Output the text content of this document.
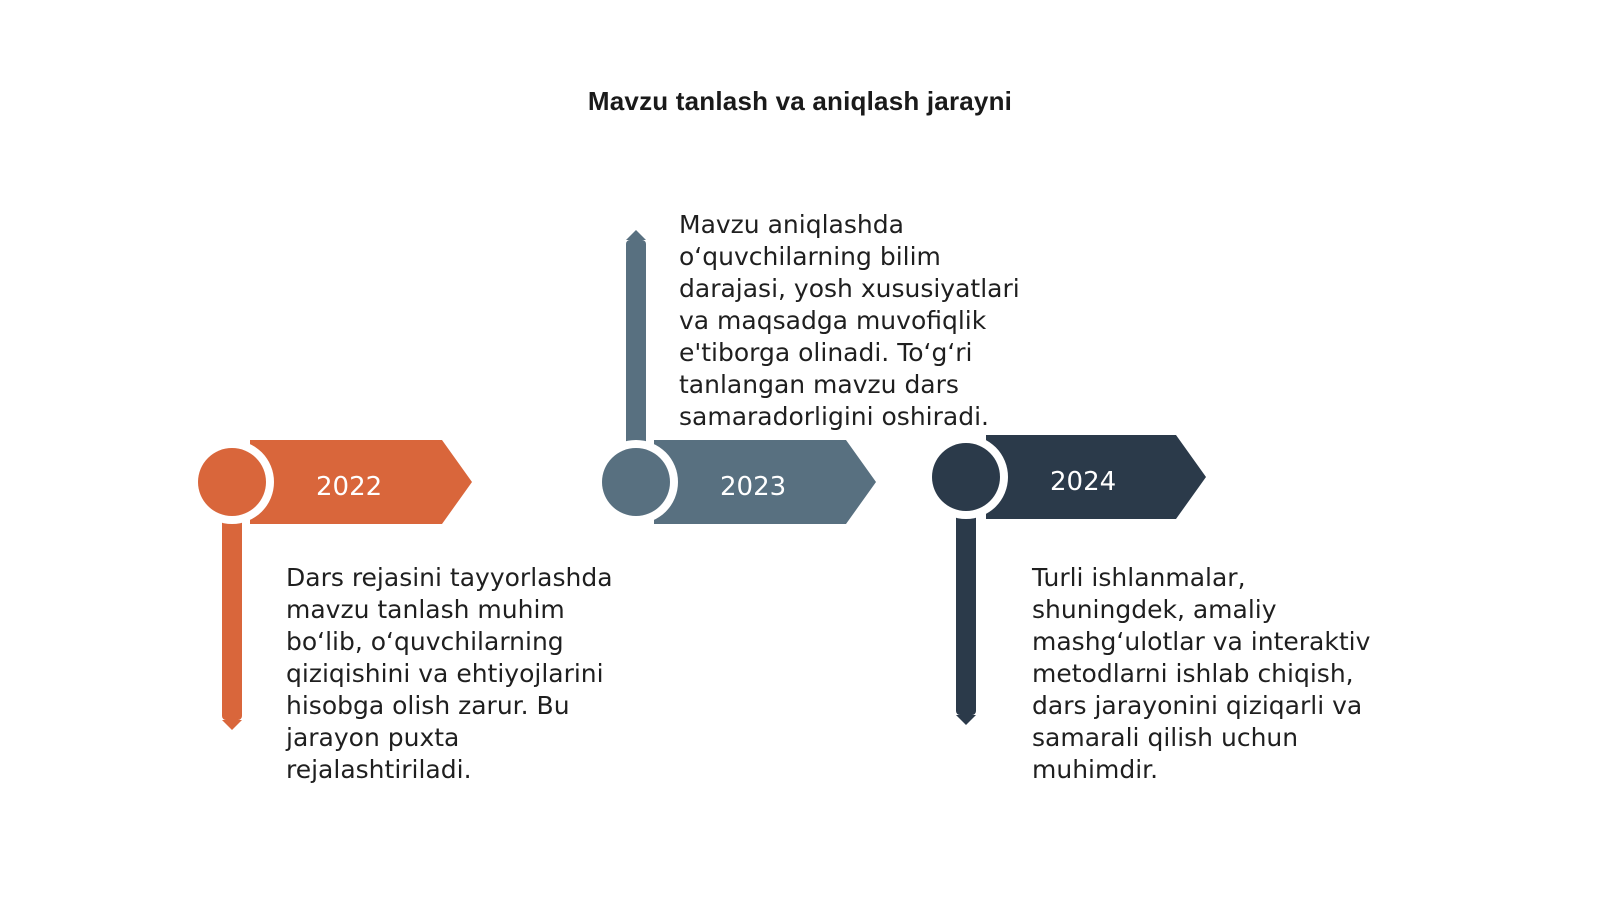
Mavzu tanlash va aniqlash jarayni
2022
Dars rejasini tayyorlashda
mavzu tanlash muhim
bo‘lib, o‘quvchilarning
qiziqishini va ehtiyojlarini
hisobga olish zarur. Bu
jarayon puxta
rejalashtiriladi.
2023
Mavzu aniqlashda
o‘quvchilarning bilim
darajasi, yosh xususiyatlari
va maqsadga muvofiqlik
e'tiborga olinadi. To‘g‘ri
tanlangan mavzu dars
samaradorligini oshiradi.
2024
Turli ishlanmalar,
shuningdek, amaliy
mashg‘ulotlar va interaktiv
metodlarni ishlab chiqish,
dars jarayonini qiziqarli va
samarali qilish uchun
muhimdir.
